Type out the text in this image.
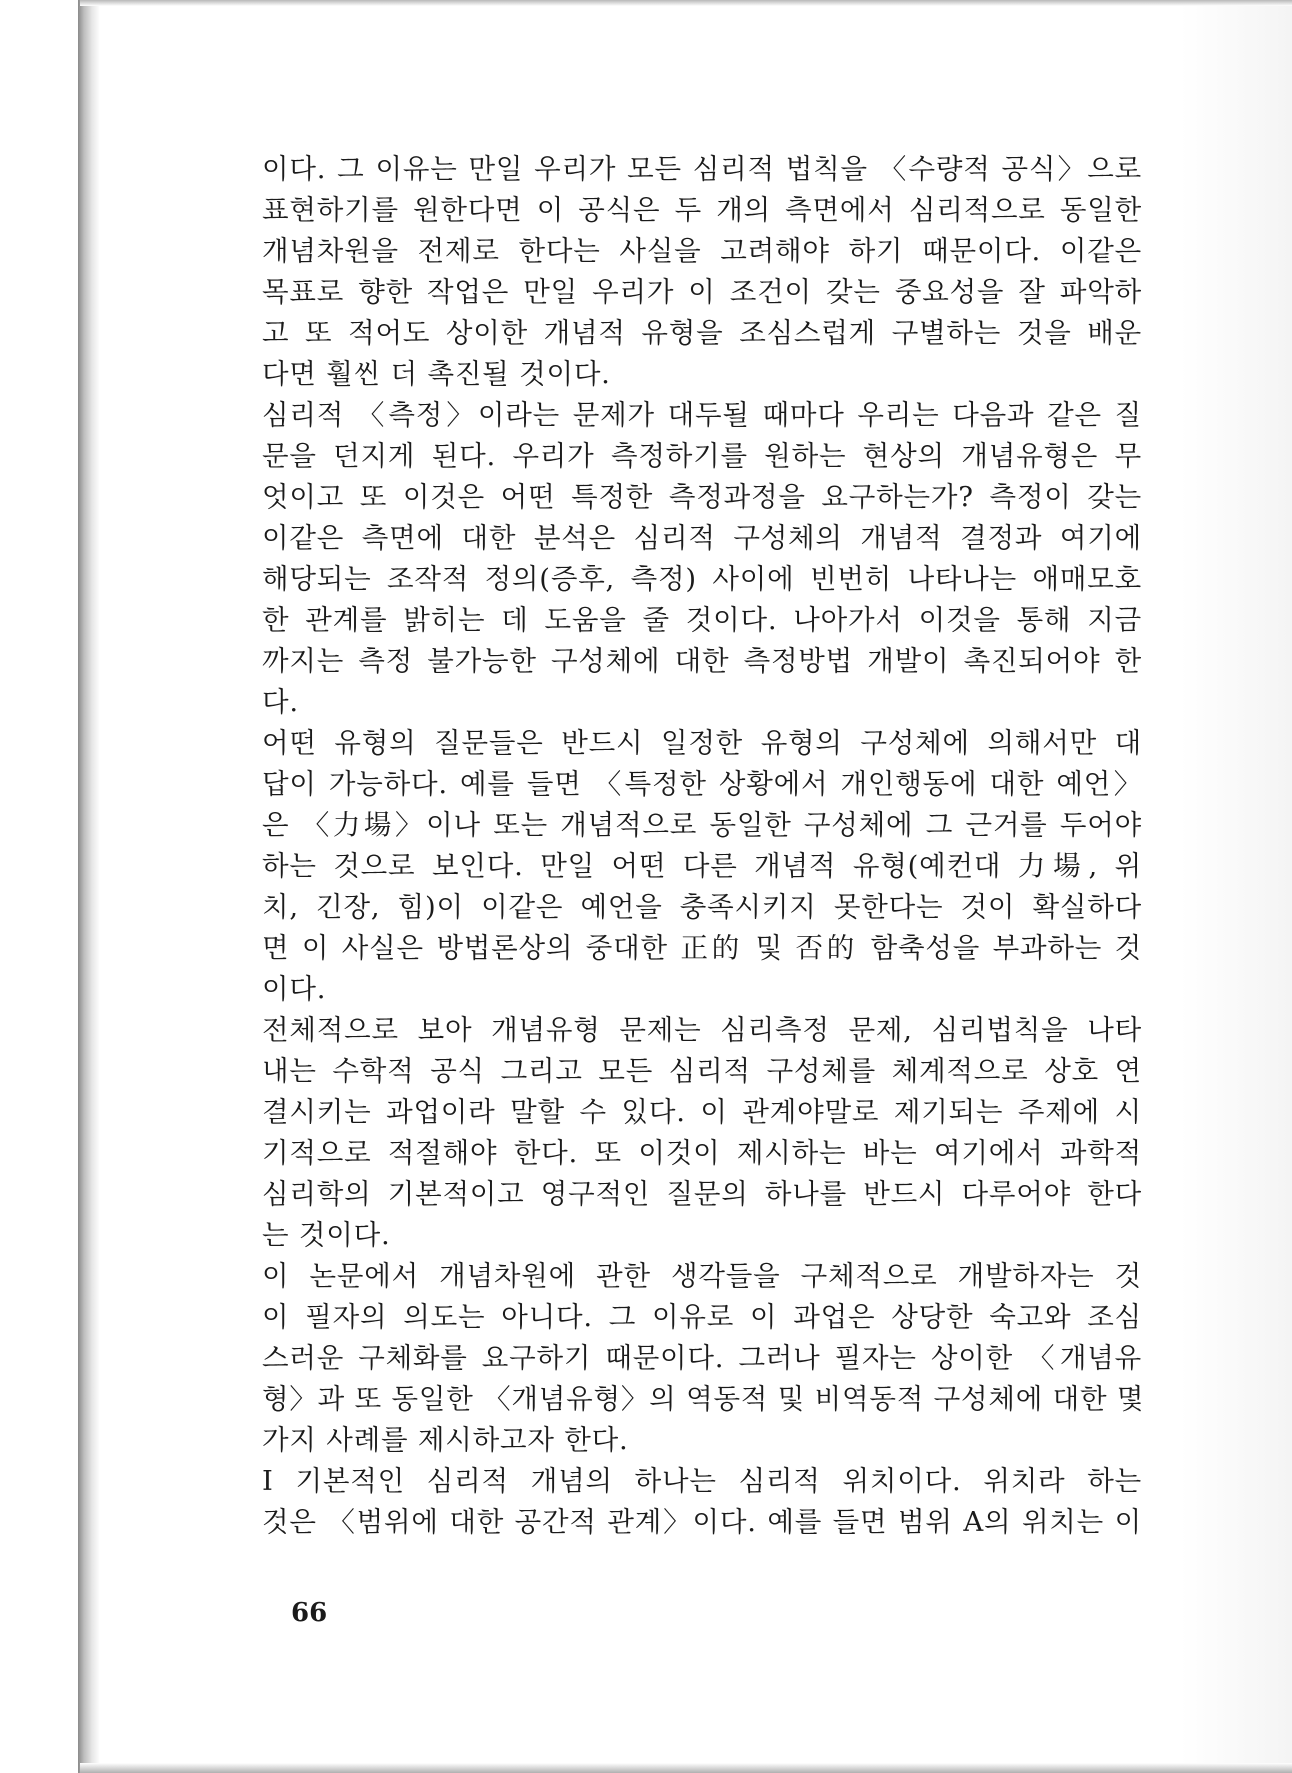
이다. 그 이유는 만일 우리가 모든 심리적 법칙을 〈수량적 공식〉으로
표현하기를 원한다면 이 공식은 두 개의 측면에서 심리적으로 동일한
개념차원을 전제로 한다는 사실을 고려해야 하기 때문이다. 이같은
목표로 향한 작업은 만일 우리가 이 조건이 갖는 중요성을 잘 파악하
고 또 적어도 상이한 개념적 유형을 조심스럽게 구별하는 것을 배운
다면 훨씬 더 촉진될 것이다.
심리적 〈측정〉이라는 문제가 대두될 때마다 우리는 다음과 같은 질
문을 던지게 된다. 우리가 측정하기를 원하는 현상의 개념유형은 무
엇이고 또 이것은 어떤 특정한 측정과정을 요구하는가? 측정이 갖는
이같은 측면에 대한 분석은 심리적 구성체의 개념적 결정과 여기에
해당되는 조작적 정의(증후, 측정) 사이에 빈번히 나타나는 애매모호
한 관계를 밝히는 데 도움을 줄 것이다. 나아가서 이것을 통해 지금
까지는 측정 불가능한 구성체에 대한 측정방법 개발이 촉진되어야 한
다.
어떤 유형의 질문들은 반드시 일정한 유형의 구성체에 의해서만 대
답이 가능하다. 예를 들면 〈특정한 상황에서 개인행동에 대한 예언〉
은 〈力場〉이나 또는 개념적으로 동일한 구성체에 그 근거를 두어야
하는 것으로 보인다. 만일 어떤 다른 개념적 유형(예컨대 力場, 위
치, 긴장, 힘)이 이같은 예언을 충족시키지 못한다는 것이 확실하다
면 이 사실은 방법론상의 중대한 正的 및 否的 함축성을 부과하는 것
이다.
전체적으로 보아 개념유형 문제는 심리측정 문제, 심리법칙을 나타
내는 수학적 공식 그리고 모든 심리적 구성체를 체계적으로 상호 연
결시키는 과업이라 말할 수 있다. 이 관계야말로 제기되는 주제에 시
기적으로 적절해야 한다. 또 이것이 제시하는 바는 여기에서 과학적
심리학의 기본적이고 영구적인 질문의 하나를 반드시 다루어야 한다
는 것이다.
이 논문에서 개념차원에 관한 생각들을 구체적으로 개발하자는 것
이 필자의 의도는 아니다. 그 이유로 이 과업은 상당한 숙고와 조심
스러운 구체화를 요구하기 때문이다. 그러나 필자는 상이한 〈개념유
형〉과 또 동일한 〈개념유형〉의 역동적 및 비역동적 구성체에 대한 몇
가지 사례를 제시하고자 한다.
I 기본적인 심리적 개념의 하나는 심리적 위치이다. 위치라 하는
것은 〈범위에 대한 공간적 관계〉이다. 예를 들면 범위 A의 위치는 이
66
